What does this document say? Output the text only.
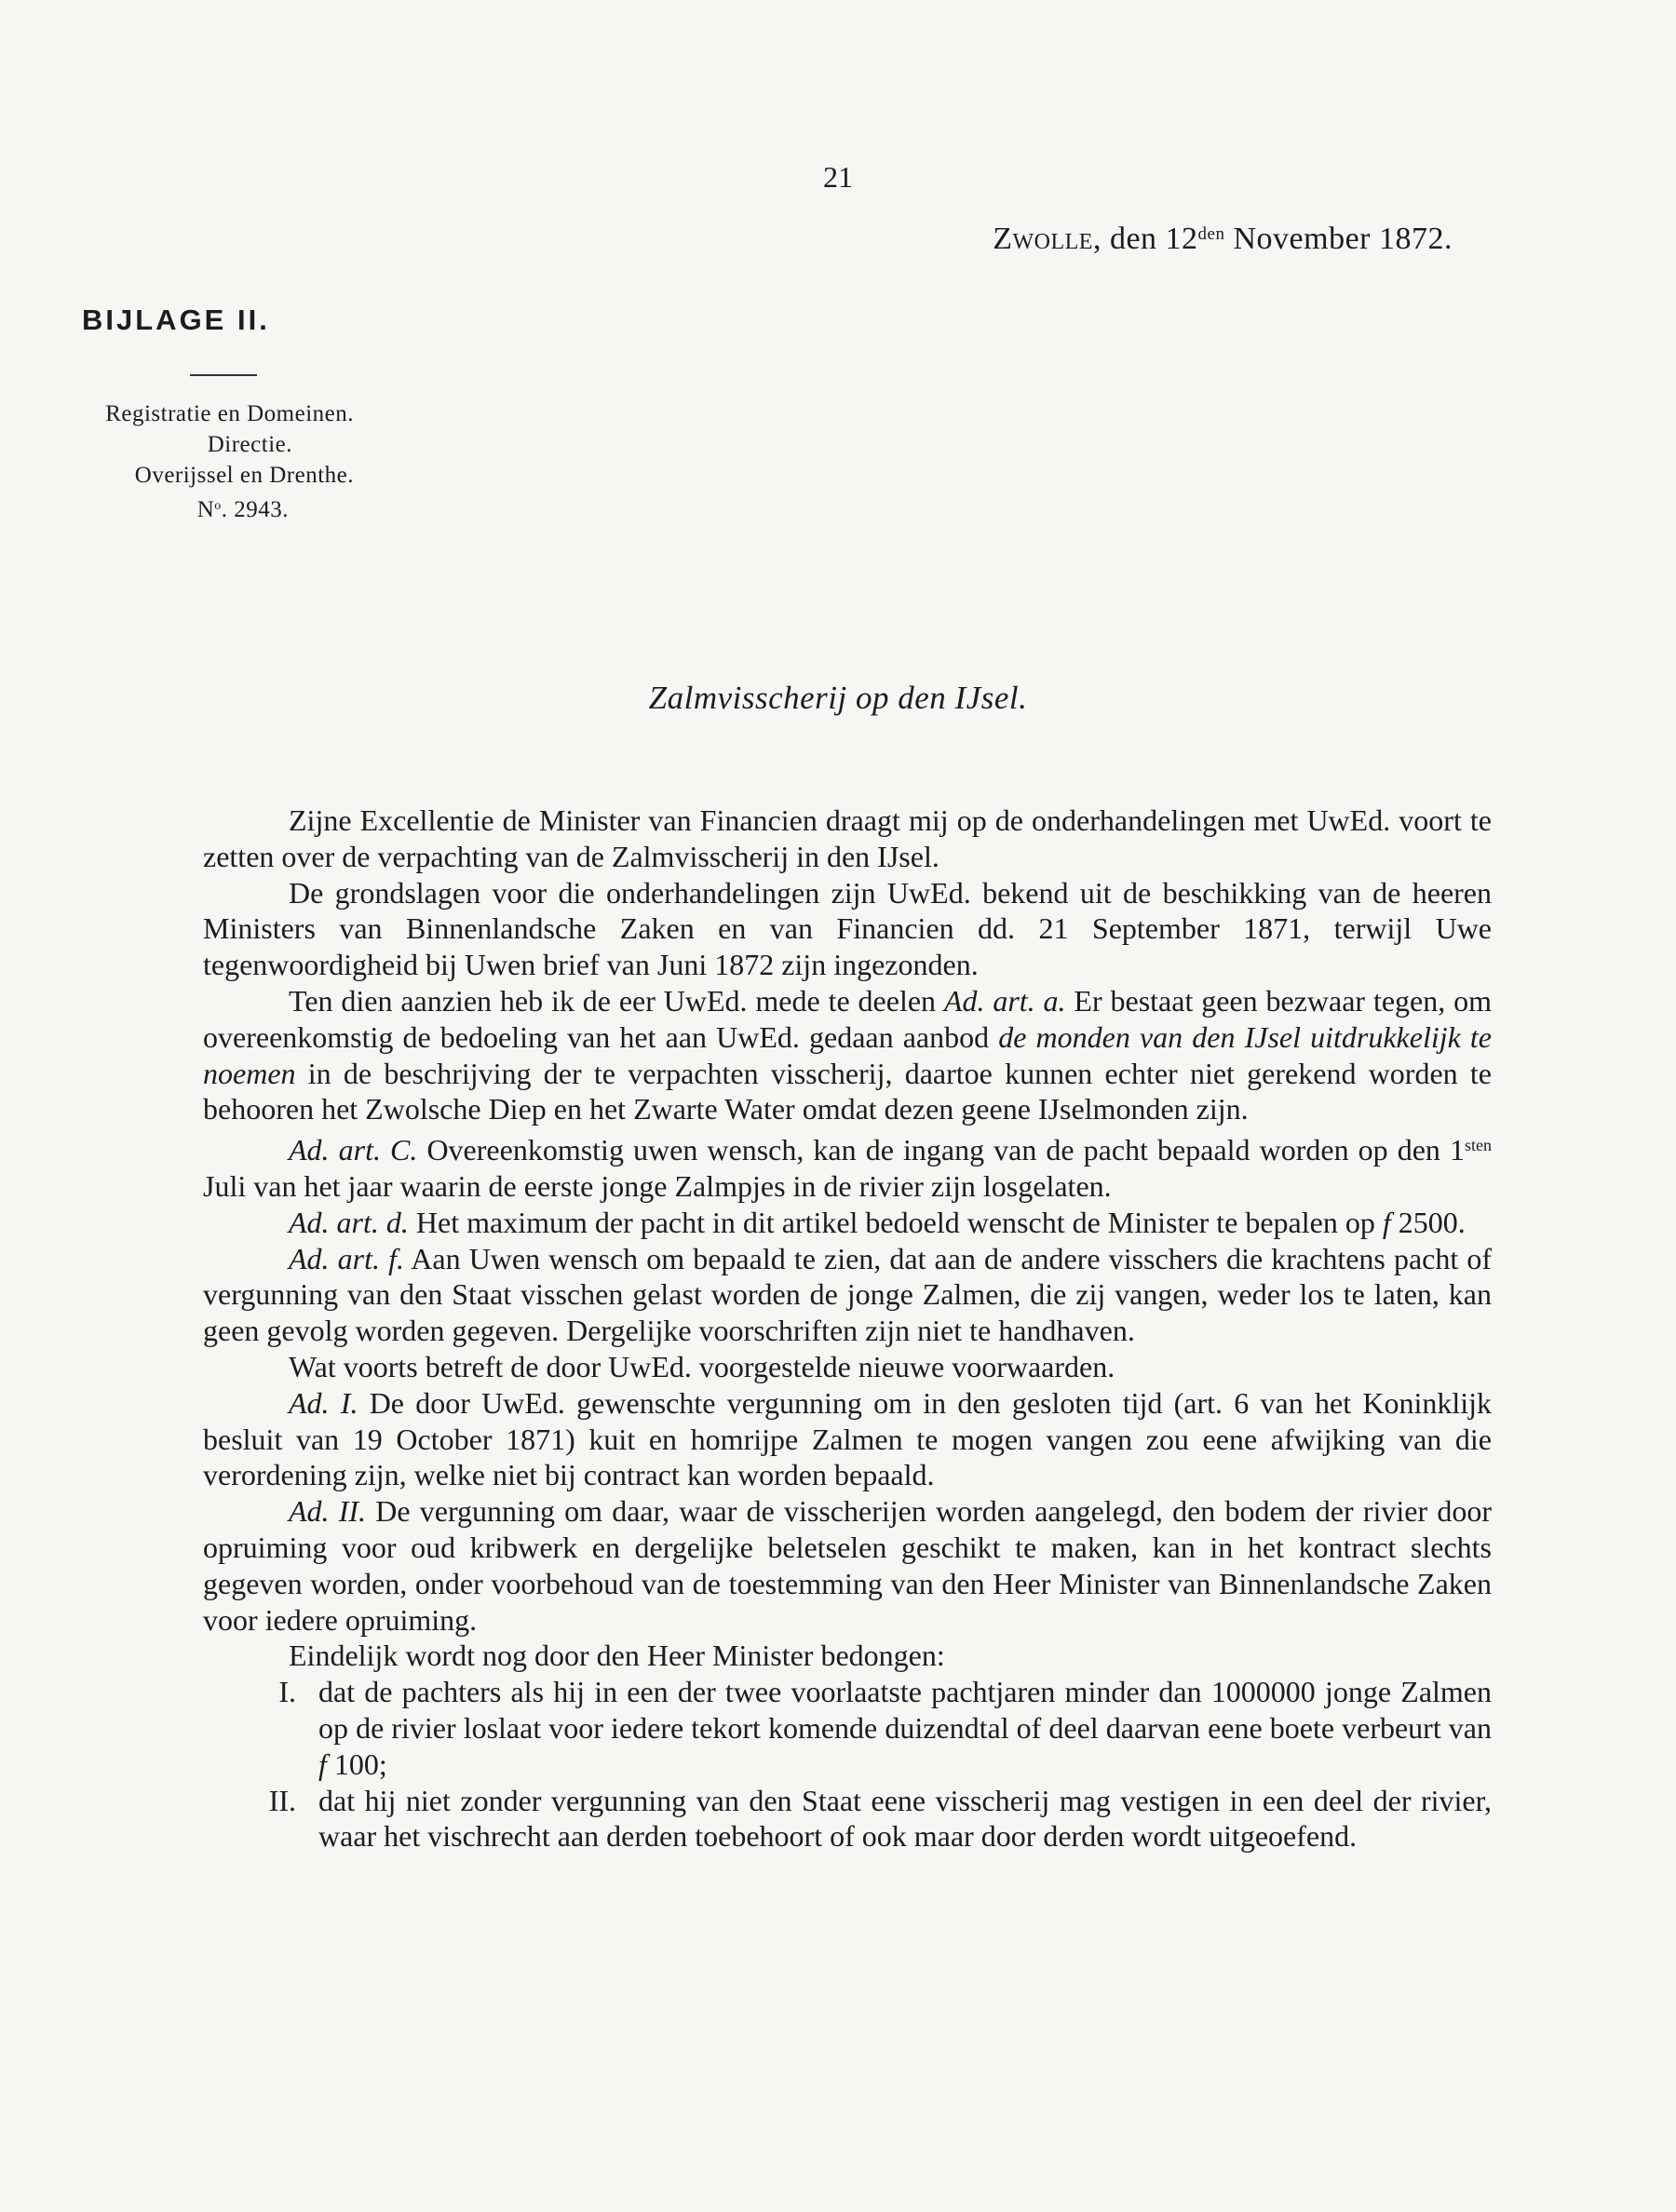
21
Zwolle, den $12^{den}$ November 1872.
BIJLAGE II.
Registratie en Domeinen.
Directie.
Overijssel en Drenthe.
$N^o$. 2943.
Zalmvisscherij op den IJsel.

Zijne Excellentie de Minister van Financien draagt mij op de onderhandelingen met UwEd. voort te zetten over de verpachting van de Zalmvisscherij in den IJsel.

De grondslagen voor die onderhandelingen zijn UwEd. bekend uit de beschikking van de heeren Ministers van Binnenlandsche Zaken en van Financien dd. 21 September 1871, terwijl Uwe tegenwoordigheid bij Uwen brief van Juni 1872 zijn ingezonden.

Ten dien aanzien heb ik de eer UwEd. mede te deelen Ad. art. a. Er bestaat geen bezwaar tegen, om overeenkomstig de bedoeling van het aan UwEd. gedaan aanbod de monden van den IJsel uitdrukkelijk te noemen in de beschrijving der te verpachten visscherij, daartoe kunnen echter niet gerekend worden te behooren het Zwolsche Diep en het Zwarte Water omdat dezen geene IJselmonden zijn.

Ad. art. C. Overeenkomstig uwen wensch, kan de ingang van de pacht bepaald worden op den $1^{sten}$ Juli van het jaar waarin de eerste jonge Zalmpjes in de rivier zijn losgelaten.

Ad. art. d. Het maximum der pacht in dit artikel bedoeld wenscht de Minister te bepalen op f 2500.

Ad. art. f. Aan Uwen wensch om bepaald te zien, dat aan de andere visschers die krachtens pacht of vergunning van den Staat visschen gelast worden de jonge Zalmen, die zij vangen, weder los te laten, kan geen gevolg worden gegeven. Dergelijke voorschriften zijn niet te handhaven.

Wat voorts betreft de door UwEd. voorgestelde nieuwe voorwaarden.

Ad. I. De door UwEd. gewenschte vergunning om in den gesloten tijd (art. 6 van het Koninklijk besluit van 19 October 1871) kuit en homrijpe Zalmen te mogen vangen zou eene afwijking van die verordening zijn, welke niet bij contract kan worden bepaald.

Ad. II. De vergunning om daar, waar de visscherijen worden aangelegd, den bodem der rivier door opruiming voor oud kribwerk en dergelijke beletselen geschikt te maken, kan in het kontract slechts gegeven worden, onder voorbehoud van de toestemming van den Heer Minister van Binnenlandsche Zaken voor iedere opruiming.

Eindelijk wordt nog door den Heer Minister bedongen:

I. dat de pachters als hij in een der twee voorlaatste pachtjaren minder dan 1000000 jonge Zalmen op de rivier loslaat voor iedere tekort komende duizendtal of deel daarvan eene boete verbeurt van f 100;
II. dat hij niet zonder vergunning van den Staat eene visscherij mag vestigen in een deel der rivier, waar het vischrecht aan derden toebehoort of ook maar door derden wordt uitgeoefend.
